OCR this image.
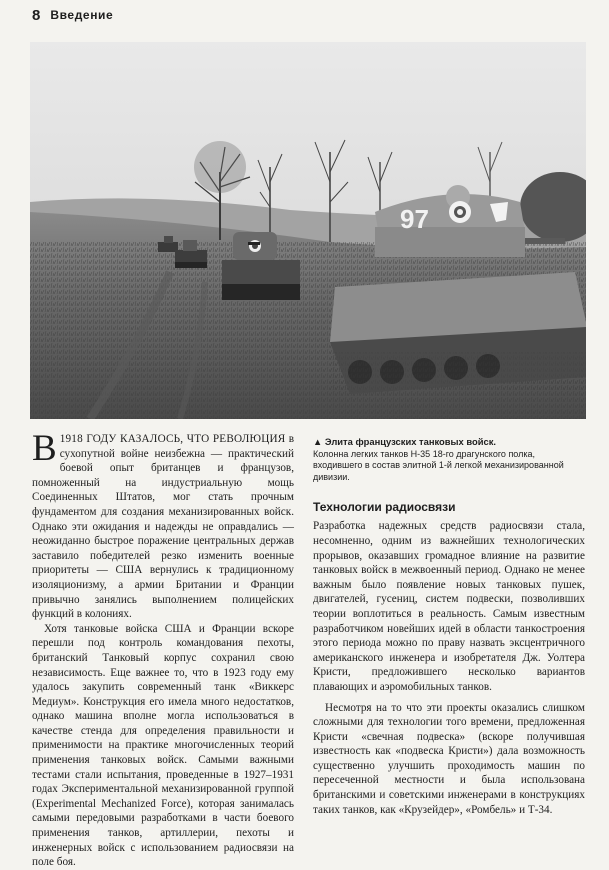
8 Введение
97

В 1918 ГОДУ КАЗАЛОСЬ, ЧТО РЕВОЛЮЦИЯ в сухопутной войне неизбежна — практический боевой опыт британцев и французов, помноженный на индустриальную мощь Соединенных Штатов, мог стать прочным фундаментом для создания механизированных войск. Однако эти ожидания и надежды не оправдались — неожиданно быстрое поражение центральных держав заставило победителей резко изменить военные приоритеты — США вернулись к традиционному изоляционизму, а армии Британии и Франции привычно занялись выполнением полицейских функций в колониях.

Хотя танковые войска США и Франции вскоре перешли под контроль командования пехоты, британский Танковый корпус сохранил свою независимость. Еще важнее то, что в 1923 году ему удалось закупить современный танк «Виккерс Медиум». Конструкция его имела много недостатков, однако машина вполне могла использоваться в качестве стенда для определения правильности и применимости на практике многочисленных теорий применения танковых войск. Самыми важными тестами стали испытания, проведенные в 1927–1931 годах Экспериментальной механизированной группой (Experimental Mechanized Force), которая занималась самыми передовыми разработками в части боевого применения танков, артиллерии, пехоты и инженерных войск с использованием радиосвязи на поле боя.

▲ Элита французских танковых войск.
Колонна легких танков H-35 18-го драгунского полка, входившего в состав элитной 1-й легкой механизированной дивизии.
Технологии радиосвязи

Разработка надежных средств радиосвязи стала, несомненно, одним из важнейших технологических прорывов, оказавших громадное влияние на развитие танковых войск в межвоенный период. Однако не менее важным было появление новых танковых пушек, двигателей, гусениц, систем подвески, позволивших теории воплотиться в реальность. Самым известным разработчиком новейших идей в области танкостроения этого периода можно по праву назвать эксцентричного американского инженера и изобретателя Дж. Уолтера Кристи, предложившего несколько вариантов плавающих и аэромобильных танков.

Несмотря на то что эти проекты оказались слишком сложными для технологии того времени, предложенная Кристи «свечная подвеска» (вскоре получившая известность как «подвеска Кристи») дала возможность существенно улучшить проходимость машин по пересеченной местности и была использована британскими и советскими инженерами в конструкциях таких танков, как «Крузейдер», «Ромбель» и Т-34.
